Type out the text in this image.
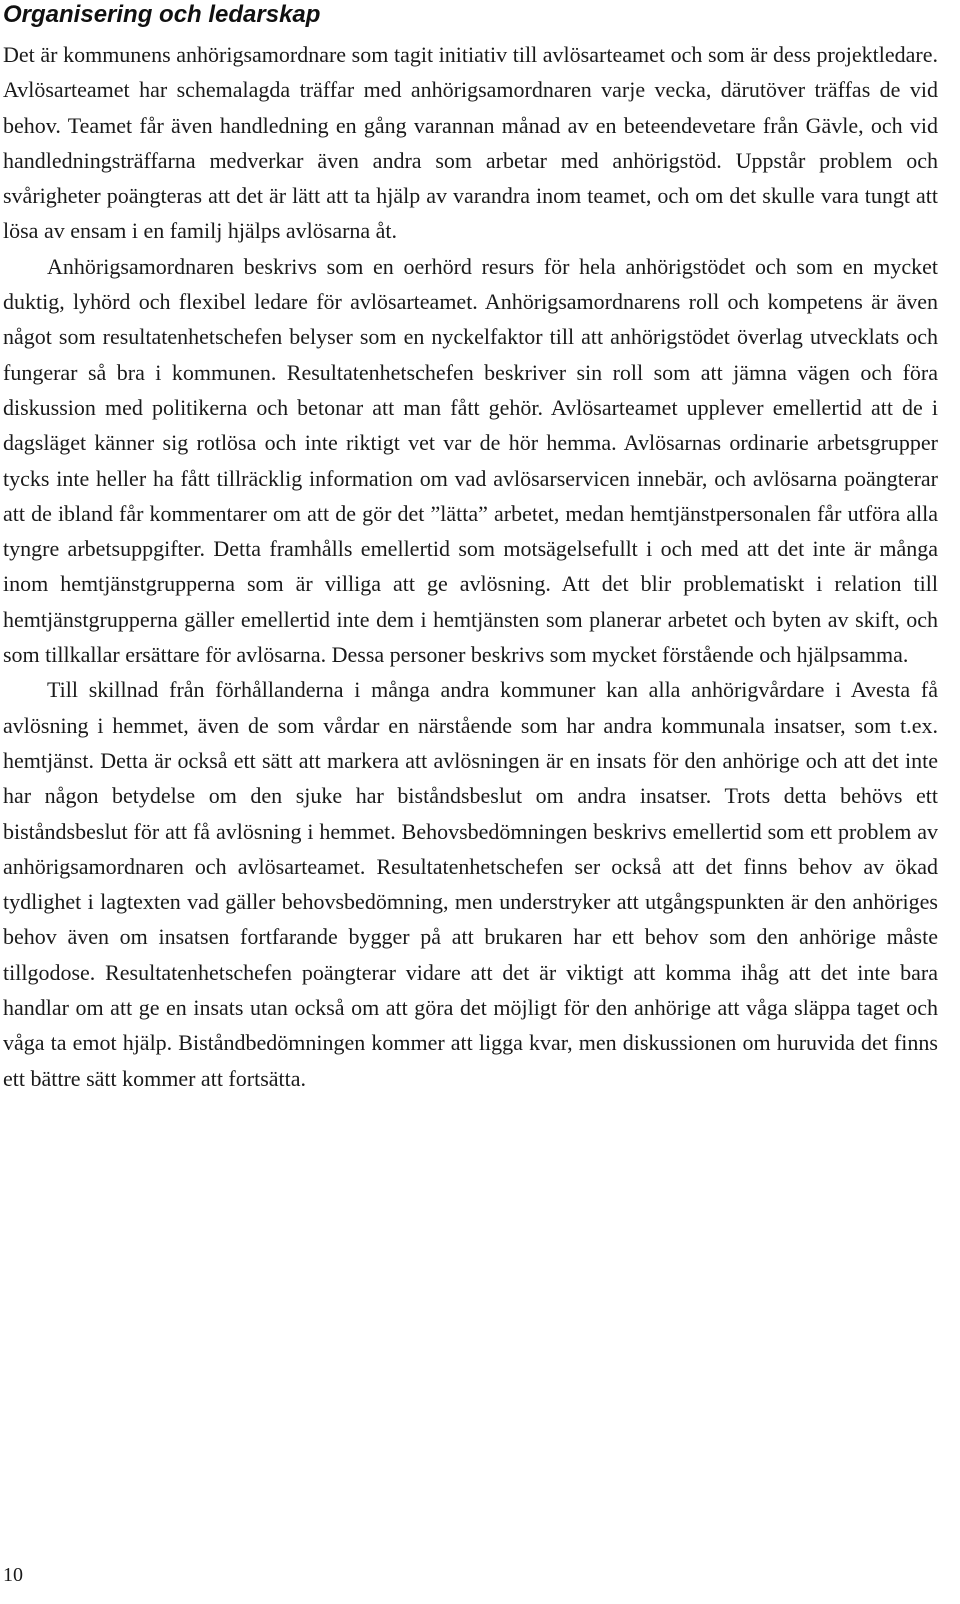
Organisering och ledarskap

Det är kommunens anhörigsamordnare som tagit initiativ till avlösarteamet och som är dess projektledare. Avlösarteamet har schemalagda träffar med anhörigsamordnaren varje vecka, därutöver träffas de vid behov. Teamet får även handledning en gång varannan månad av en beteendevetare från Gävle, och vid handledningsträffarna medverkar även andra som arbetar med anhörigstöd. Uppstår problem och svårigheter poängteras att det är lätt att ta hjälp av varandra inom teamet, och om det skulle vara tungt att lösa av ensam i en familj hjälps avlösarna åt.

Anhörigsamordnaren beskrivs som en oerhörd resurs för hela anhörigstödet och som en mycket duktig, lyhörd och flexibel ledare för avlösarteamet. Anhörigsamordnarens roll och kompetens är även något som resultatenhetschefen belyser som en nyckelfaktor till att anhörigstödet överlag utvecklats och fungerar så bra i kommunen. Resultatenhetschefen beskriver sin roll som att jämna vägen och föra diskussion med politikerna och betonar att man fått gehör. Avlösarteamet upplever emellertid att de i dagsläget känner sig rotlösa och inte riktigt vet var de hör hemma. Avlösarnas ordinarie arbetsgrupper tycks inte heller ha fått tillräcklig information om vad avlösarservicen innebär, och avlösarna poängterar att de ibland får kommentarer om att de gör det ”lätta” arbetet, medan hemtjänstpersonalen får utföra alla tyngre arbetsuppgifter. Detta framhålls emellertid som motsägelsefullt i och med att det inte är många inom hemtjänstgrupperna som är villiga att ge avlösning. Att det blir problematiskt i relation till hemtjänstgrupperna gäller emellertid inte dem i hemtjänsten som planerar arbetet och byten av skift, och som tillkallar ersättare för avlösarna. Dessa personer beskrivs som mycket förstående och hjälpsamma.

Till skillnad från förhållanderna i många andra kommuner kan alla anhörigvårdare i Avesta få avlösning i hemmet, även de som vårdar en närstående som har andra kommunala insatser, som t.ex. hemtjänst. Detta är också ett sätt att markera att avlösningen är en insats för den anhörige och att det inte har någon betydelse om den sjuke har biståndsbeslut om andra insatser. Trots detta behövs ett biståndsbeslut för att få avlösning i hemmet. Behovsbedömningen beskrivs emellertid som ett problem av anhörigsamordnaren och avlösarteamet. Resultatenhetschefen ser också att det finns behov av ökad tydlighet i lagtexten vad gäller behovsbedömning, men understryker att utgångspunkten är den anhöriges behov även om insatsen fortfarande bygger på att brukaren har ett behov som den anhörige måste tillgodose. Resultatenhetschefen poängterar vidare att det är viktigt att komma ihåg att det inte bara handlar om att ge en insats utan också om att göra det möjligt för den anhörige att våga släppa taget och våga ta emot hjälp. Biståndbedömningen kommer att ligga kvar, men diskussionen om huruvida det finns ett bättre sätt kommer att fortsätta.

10
